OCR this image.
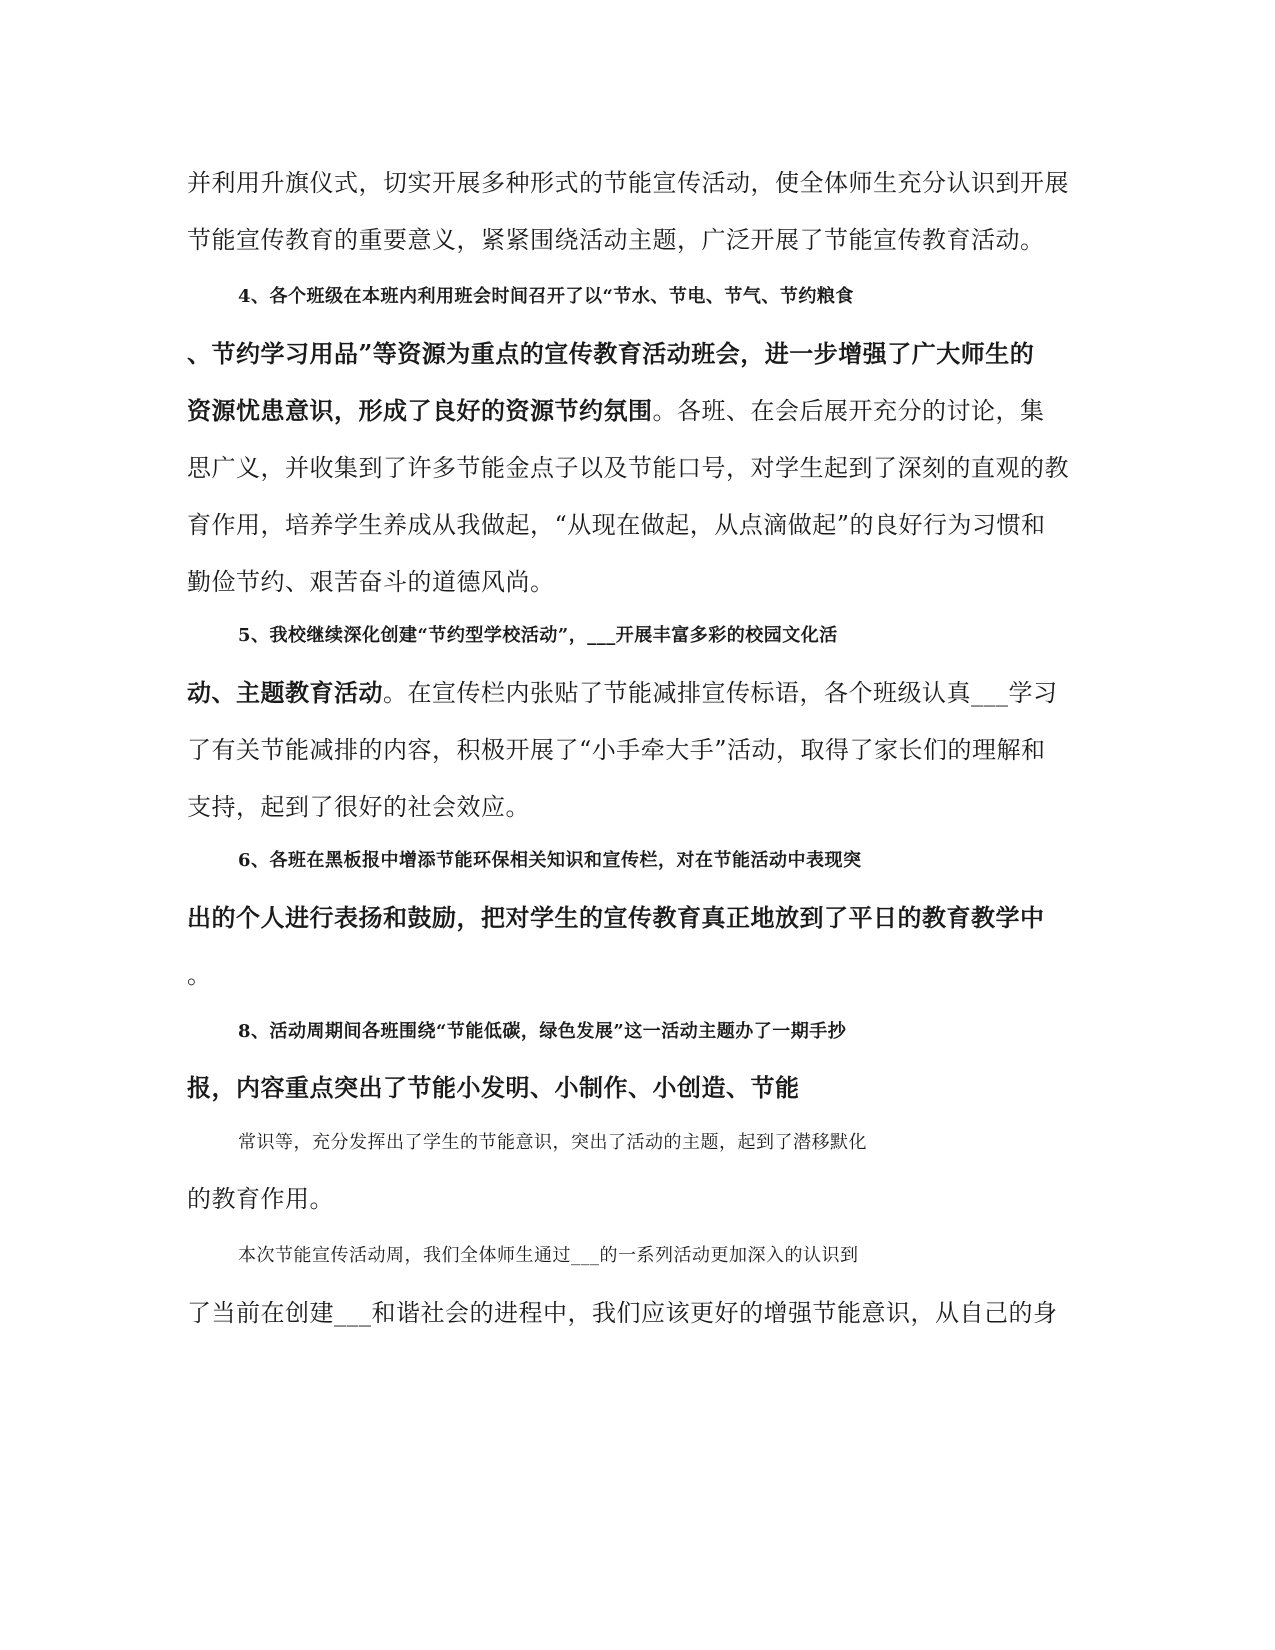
并利用升旗仪式，切实开展多种形式的节能宣传活动，使全体师生充分认识到开展
节能宣传教育的重要意义，紧紧围绕活动主题，广泛开展了节能宣传教育活动。
4、各个班级在本班内利用班会时间召开了以“节水、节电、节气、节约粮食
、节约学习用品”等资源为重点的宣传教育活动班会，进一步增强了广大师生的
资源忧患意识，形成了良好的资源节约氛围。各班、在会后展开充分的讨论，集
思广义，并收集到了许多节能金点子以及节能口号，对学生起到了深刻的直观的教
育作用，培养学生养成从我做起，“从现在做起，从点滴做起”的良好行为习惯和
勤俭节约、艰苦奋斗的道德风尚。
5、我校继续深化创建“节约型学校活动”，___开展丰富多彩的校园文化活
动、主题教育活动。在宣传栏内张贴了节能减排宣传标语，各个班级认真___学习
了有关节能减排的内容，积极开展了“小手牵大手”活动，取得了家长们的理解和
支持，起到了很好的社会效应。
6、各班在黑板报中增添节能环保相关知识和宣传栏，对在节能活动中表现突
出的个人进行表扬和鼓励，把对学生的宣传教育真正地放到了平日的教育教学中
。
8、活动周期间各班围绕“节能低碳，绿色发展”这一活动主题办了一期手抄
报，内容重点突出了节能小发明、小制作、小创造、节能
常识等，充分发挥出了学生的节能意识，突出了活动的主题，起到了潜移默化
的教育作用。
本次节能宣传活动周，我们全体师生通过___的一系列活动更加深入的认识到
了当前在创建___和谐社会的进程中，我们应该更好的增强节能意识，从自己的身
